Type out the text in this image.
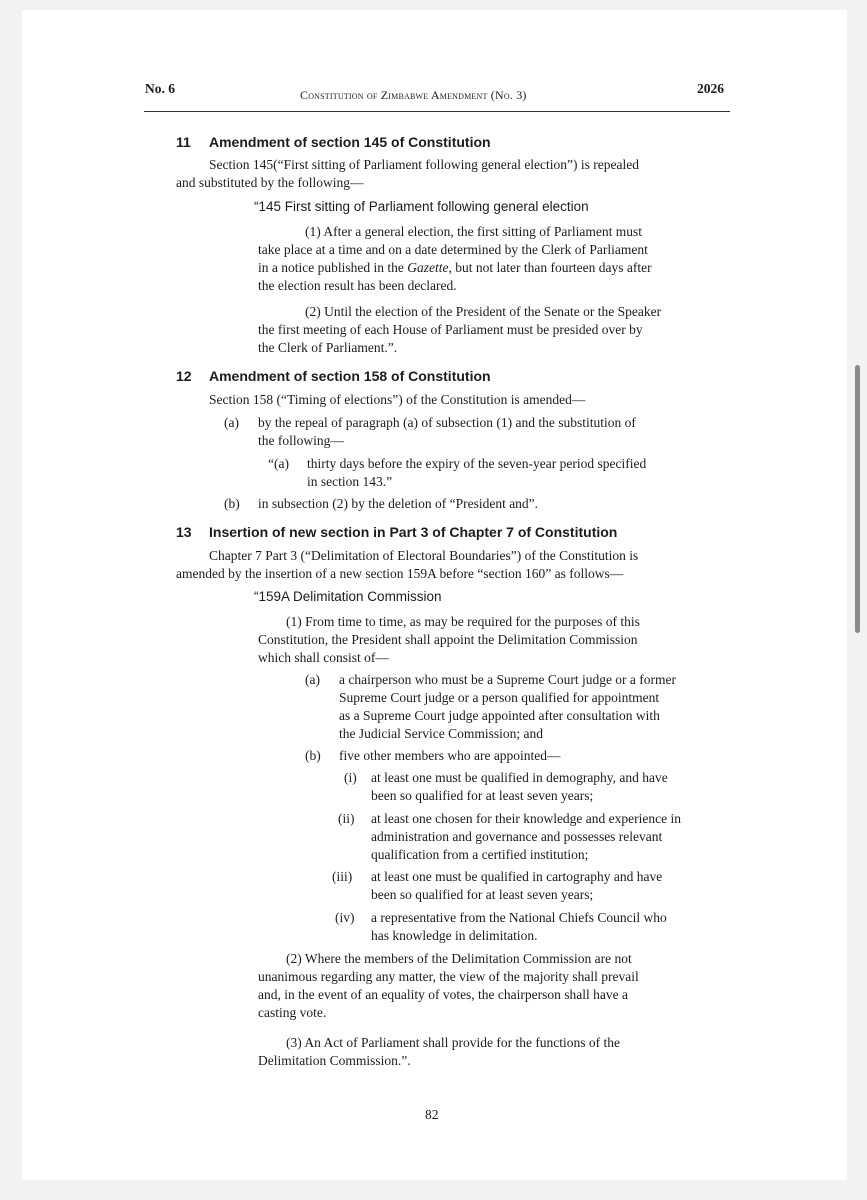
No. 6	Constitution of Zimbabwe Amendment (No. 3)	2026
11 Amendment of section 145 of Constitution
Section 145(“First sitting of Parliament following general election”) is repealed
and substituted by the following—
“145 First sitting of Parliament following general election
(1) After a general election, the first sitting of Parliament must
take place at a time and on a date determined by the Clerk of Parliament
in a notice published in the Gazette, but not later than fourteen days after
the election result has been declared.
(2) Until the election of the President of the Senate or the Speaker
the first meeting of each House of Parliament must be presided over by
the Clerk of Parliament.”.
12 Amendment of section 158 of Constitution
Section 158 (“Timing of elections”) of the Constitution is amended—
(a) by the repeal of paragraph (a) of subsection (1) and the substitution of
the following—
“(a) thirty days before the expiry of the seven-year period specified
in section 143.”
(b) in subsection (2) by the deletion of “President and”.
13 Insertion of new section in Part 3 of Chapter 7 of Constitution
Chapter 7 Part 3 (“Delimitation of Electoral Boundaries”) of the Constitution is
amended by the insertion of a new section 159A before “section 160” as follows—
“159A Delimitation Commission
(1) From time to time, as may be required for the purposes of this
Constitution, the President shall appoint the Delimitation Commission
which shall consist of—
(a) a chairperson who must be a Supreme Court judge or a former
Supreme Court judge or a person qualified for appointment
as a Supreme Court judge appointed after consultation with
the Judicial Service Commission; and
(b) five other members who are appointed—
(i) at least one must be qualified in demography, and have
been so qualified for at least seven years;
(ii) at least one chosen for their knowledge and experience in
administration and governance and possesses relevant
qualification from a certified institution;
(iii) at least one must be qualified in cartography and have
been so qualified for at least seven years;
(iv) a representative from the National Chiefs Council who
has knowledge in delimitation.
(2) Where the members of the Delimitation Commission are not
unanimous regarding any matter, the view of the majority shall prevail
and, in the event of an equality of votes, the chairperson shall have a
casting vote.
(3) An Act of Parliament shall provide for the functions of the
Delimitation Commission.”.
82
